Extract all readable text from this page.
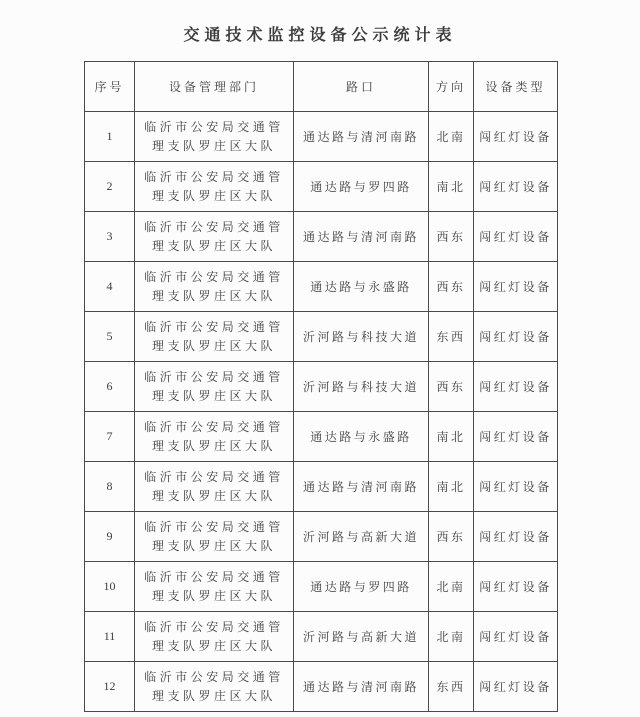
交通技术监控设备公示统计表
序号	设备管理部门	路口	方向	设备类型
1	临沂市公安局交通管
理支队罗庄区大队	通达路与清河南路	北南	闯红灯设备
2	临沂市公安局交通管
理支队罗庄区大队	通达路与罗四路	南北	闯红灯设备
3	临沂市公安局交通管
理支队罗庄区大队	通达路与清河南路	西东	闯红灯设备
4	临沂市公安局交通管
理支队罗庄区大队	通达路与永盛路	西东	闯红灯设备
5	临沂市公安局交通管
理支队罗庄区大队	沂河路与科技大道	东西	闯红灯设备
6	临沂市公安局交通管
理支队罗庄区大队	沂河路与科技大道	西东	闯红灯设备
7	临沂市公安局交通管
理支队罗庄区大队	通达路与永盛路	南北	闯红灯设备
8	临沂市公安局交通管
理支队罗庄区大队	通达路与清河南路	南北	闯红灯设备
9	临沂市公安局交通管
理支队罗庄区大队	沂河路与高新大道	西东	闯红灯设备
10	临沂市公安局交通管
理支队罗庄区大队	通达路与罗四路	北南	闯红灯设备
11	临沂市公安局交通管
理支队罗庄区大队	沂河路与高新大道	北南	闯红灯设备
12	临沂市公安局交通管
理支队罗庄区大队	通达路与清河南路	东西	闯红灯设备
